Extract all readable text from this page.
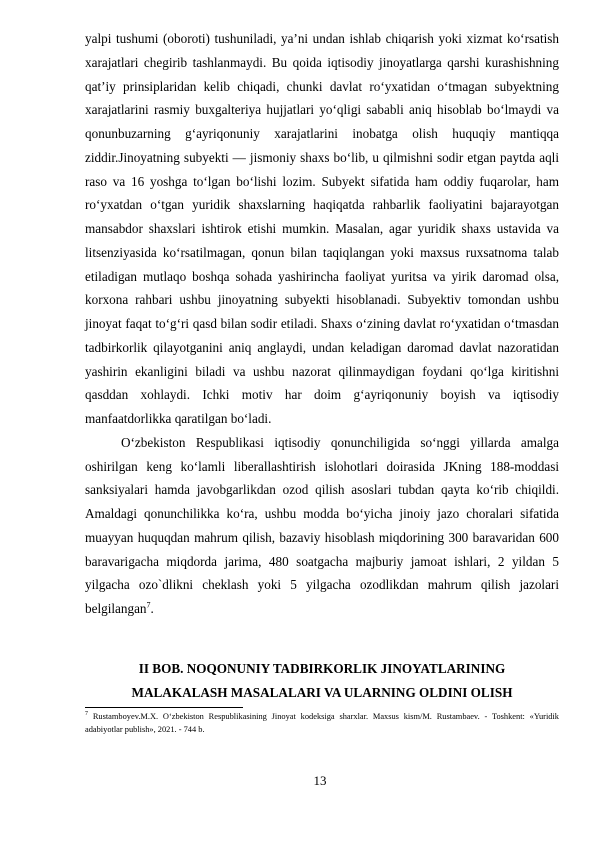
yalpi tushumi (oboroti) tushuniladi, ya’ni undan ishlab chiqarish yoki xizmat ko‘rsatish xarajatlari chegirib tashlanmaydi. Bu qoida iqtisodiy jinoyatlarga qarshi kurashishning qat’iy prinsiplaridan kelib chiqadi, chunki davlat ro‘yxatidan o‘tmagan subyektning xarajatlarini rasmiy buxgalteriya hujjatlari yo‘qligi sababli aniq hisoblab bo‘lmaydi va qonunbuzarning g‘ayriqonuniy xarajatlarini inobatga olish huquqiy mantiqqa ziddir.Jinoyatning subyekti — jismoniy shaxs bo‘lib, u qilmishni sodir etgan paytda aqli raso va 16 yoshga to‘lgan bo‘lishi lozim. Subyekt sifatida ham oddiy fuqarolar, ham ro‘yxatdan o‘tgan yuridik shaxslarning haqiqatda rahbarlik faoliyatini bajarayotgan mansabdor shaxslari ishtirok etishi mumkin. Masalan, agar yuridik shaxs ustavida va litsenziyasida ko‘rsatilmagan, qonun bilan taqiqlangan yoki maxsus ruxsatnoma talab etiladigan mutlaqo boshqa sohada yashirincha faoliyat yuritsa va yirik daromad olsa, korxona rahbari ushbu jinoyatning subyekti hisoblanadi. Subyektiv tomondan ushbu jinoyat faqat to‘g‘ri qasd bilan sodir etiladi. Shaxs o‘zining davlat ro‘yxatidan o‘tmasdan tadbirkorlik qilayotganini aniq anglaydi, undan keladigan daromad davlat nazoratidan yashirin ekanligini biladi va ushbu nazorat qilinmaydigan foydani qo‘lga kiritishni qasddan xohlaydi. Ichki motiv har doim g‘ayriqonuniy boyish va iqtisodiy manfaatdorlikka qaratilgan bo‘ladi.

O‘zbekiston Respublikasi iqtisodiy qonunchiligida so‘nggi yillarda amalga oshirilgan keng ko‘lamli liberallashtirish islohotlari doirasida JKning 188-moddasi sanksiyalari hamda javobgarlikdan ozod qilish asoslari tubdan qayta ko‘rib chiqildi. Amaldagi qonunchilikka ko‘ra, ushbu modda bo‘yicha jinoiy jazo choralari sifatida muayyan huquqdan mahrum qilish, bazaviy hisoblash miqdorining 300 baravaridan 600 baravarigacha miqdorda jarima, 480 soatgacha majburiy jamoat ishlari, 2 yildan 5 yilgacha ozo`dlikni cheklash yoki 5 yilgacha ozodlikdan mahrum qilish jazolari belgilangan$^7$.

II BOB. NOQONUNIY TADBIRKORLIK JINOYATLARINING
MALAKALASH MASALALARI VA ULARNING OLDINI OLISH
$^7$ Rustamboyev.M.X. O‘zbekiston Respublikasining Jinoyat kodeksiga sharxlar. Maxsus kism/M. Rustambaev. - Toshkent: «Yuridik adabiyotlar publish», 2021. - 744 b.
13
